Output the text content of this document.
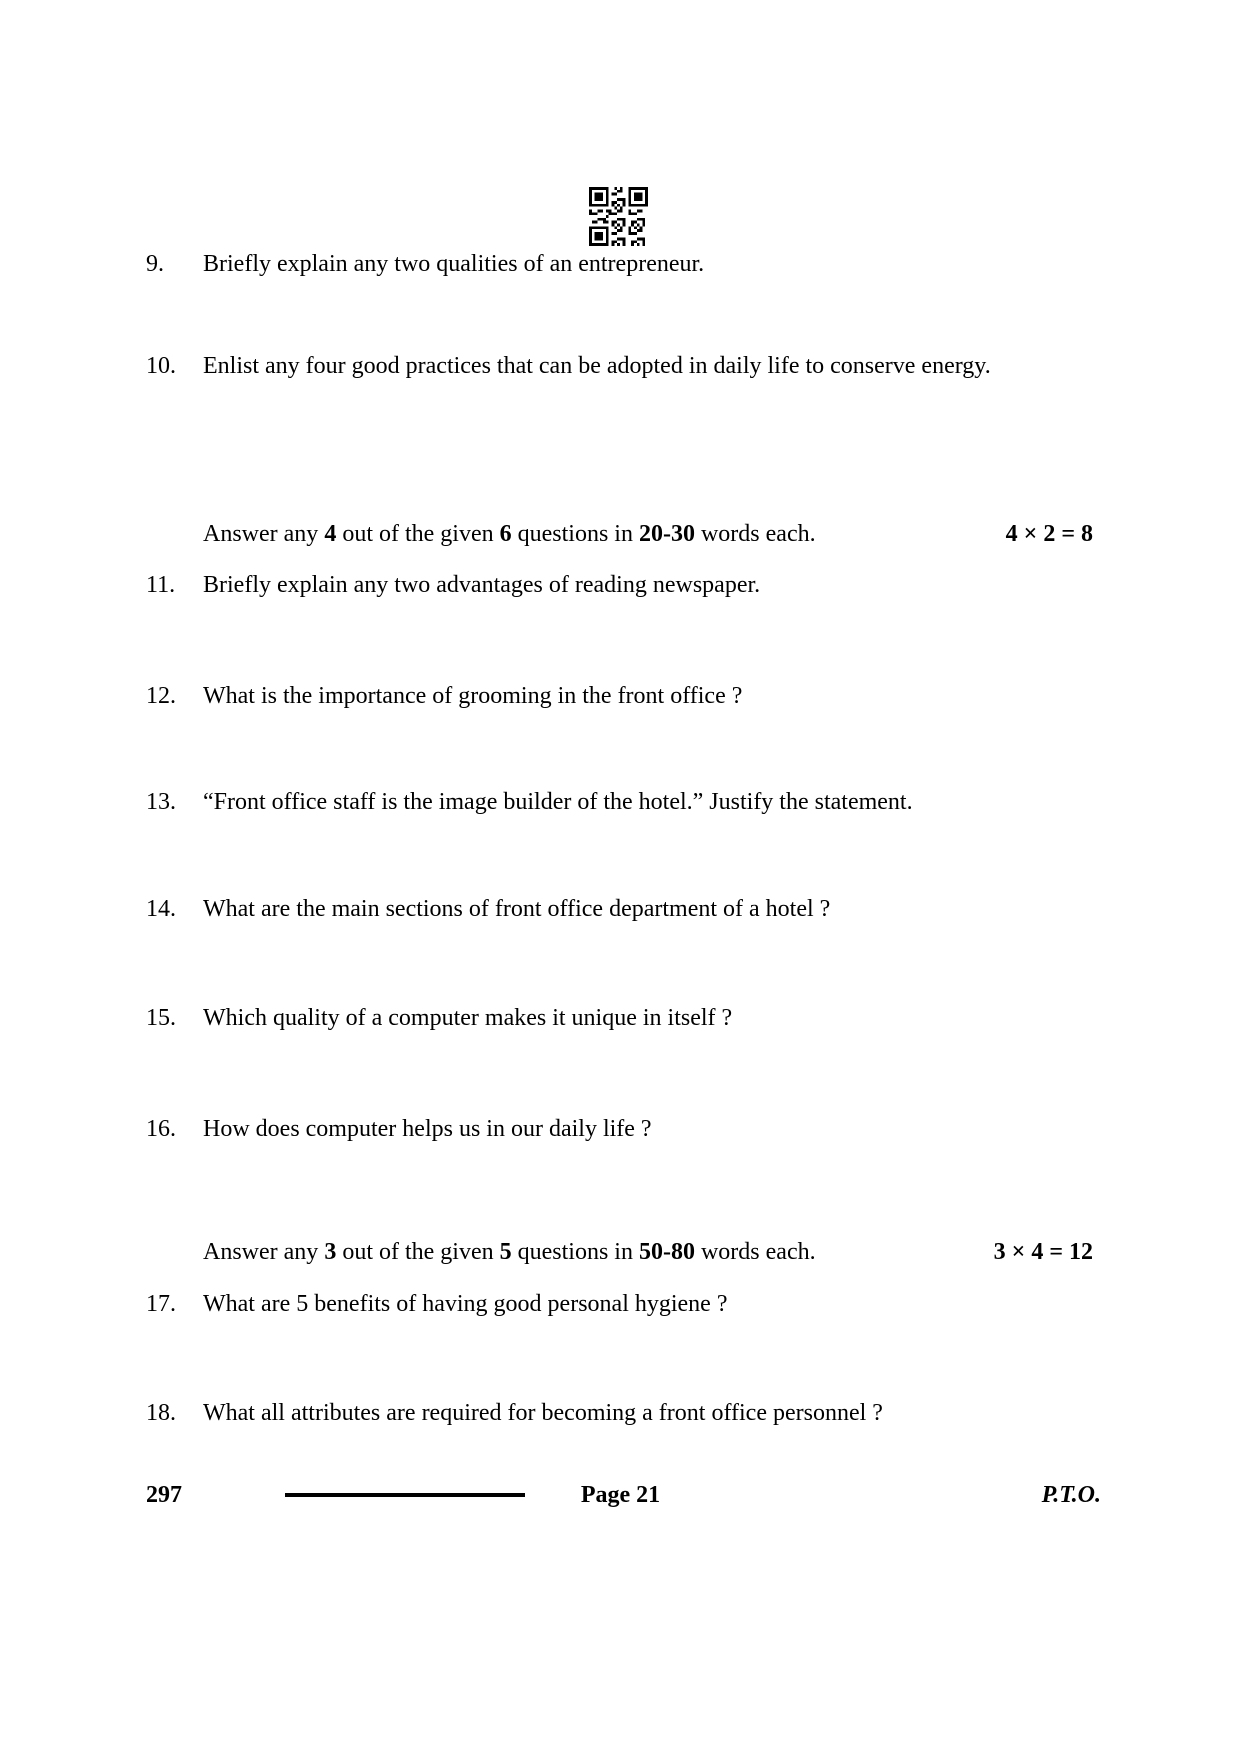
9. Briefly explain any two qualities of an entrepreneur.
10. Enlist any four good practices that can be adopted in daily life to conserve energy.
Answer any 4 out of the given 6 questions in 20-30 words each.	4 × 2 = 8
11. Briefly explain any two advantages of reading newspaper.
12. What is the importance of grooming in the front office ?
13. “Front office staff is the image builder of the hotel.” Justify the statement.
14. What are the main sections of front office department of a hotel ?
15. Which quality of a computer makes it unique in itself ?
16. How does computer helps us in our daily life ?
Answer any 3 out of the given 5 questions in 50-80 words each.	3 × 4 = 12
17. What are 5 benefits of having good personal hygiene ?
18. What all attributes are required for becoming a front office personnel ?
297	Page 21	P.T.O.
